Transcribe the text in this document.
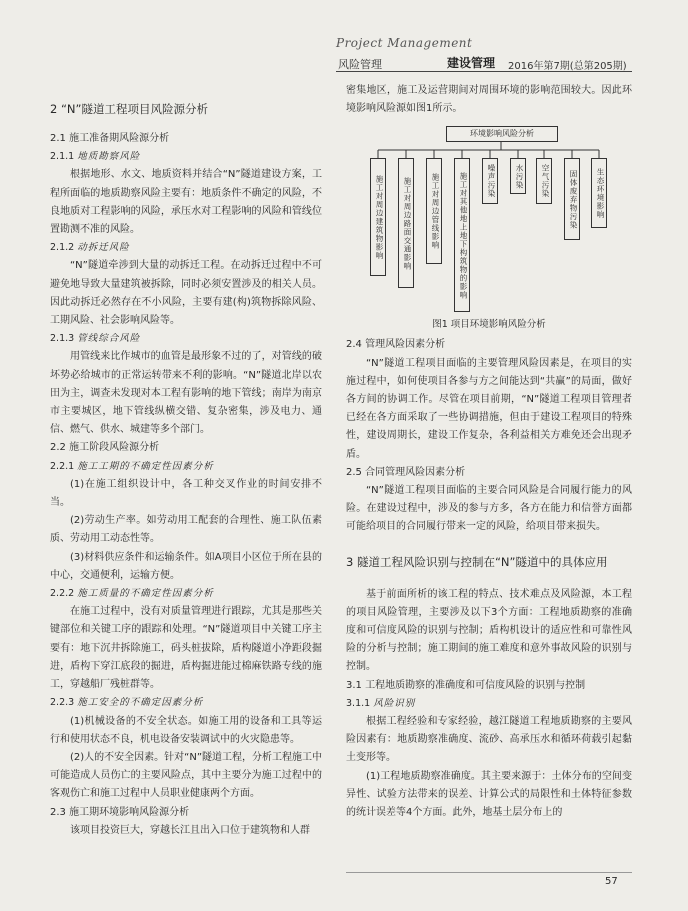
Project Management
风险管理	建设管理 2016年第7期(总第205期)

2 “N”隧道工程项目风险源分析

2.1 施工准备期风险源分析

2.1.1 地质勘察风险

根据地形、水文、地质资料并结合“N”隧道建设方案，工程所面临的地质勘察风险主要有：地质条件不确定的风险，不良地质对工程影响的风险，承压水对工程影响的风险和管线位置勘测不准的风险。

2.1.2 动拆迁风险

“N”隧道牵涉到大量的动拆迁工程。在动拆迁过程中不可避免地导致大量建筑被拆除，同时必须安置涉及的相关人员。因此动拆迁必然存在不小风险，主要有建(构)筑物拆除风险、工期风险、社会影响风险等。

2.1.3 管线综合风险

用管线来比作城市的血管是最形象不过的了，对管线的破坏势必给城市的正常运转带来不利的影响。“N”隧道北岸以农田为主，调查未发现对本工程有影响的地下管线；南岸为南京市主要城区，地下管线纵横交错、复杂密集，涉及电力、通信、燃气、供水、城建等多个部门。

2.2 施工阶段风险源分析

2.2.1 施工工期的不确定性因素分析

(1)在施工组织设计中，各工种交叉作业的时间安排不当。

(2)劳动生产率。如劳动用工配套的合理性、施工队伍素质、劳动用工动态性等。

(3)材料供应条件和运输条件。如A项目小区位于所在县的中心，交通便利，运输方便。

2.2.2 施工质量的不确定性因素分析

在施工过程中，没有对质量管理进行跟踪，尤其是那些关键部位和关键工序的跟踪和处理。“N”隧道项目中关键工序主要有：地下沉井拆除施工，码头桩拔除，盾构隧道小净距段掘进，盾构下穿江底段的掘进，盾构掘进能过棉麻铁路专线的施工，穿越船厂残桩群等。

2.2.3 施工安全的不确定因素分析

(1)机械设备的不安全状态。如施工用的设备和工具等运行和使用状态不良，机电设备安装调试中的火灾隐患等。

(2)人的不安全因素。针对“N”隧道工程，分析工程施工中可能造成人员伤亡的主要风险点，其中主要分为施工过程中的客观伤亡和施工过程中人员职业健康两个方面。

2.3 施工期环境影响风险源分析

该项目投资巨大，穿越长江且出入口位于建筑物和人群

密集地区，施工及运营期间对周围环境的影响范围较大。因此环境影响风险源如图1所示。

环境影响风险分析
施工对周边建筑物影响	施工对周边路面交通影响	施工对周边管线影响	施工对其他地上地下构筑物的影响	噪声污染	水污染	空气污染	固体废弃物污染	生态环境影响

图1 项目环境影响风险分析

2.4 管理风险因素分析

“N”隧道工程项目面临的主要管理风险因素是，在项目的实施过程中，如何使项目各参与方之间能达到“共赢”的局面，做好各方间的协调工作。尽管在项目前期，“N”隧道工程项目管理者已经在各方面采取了一些协调措施，但由于建设工程项目的特殊性，建设周期长，建设工作复杂，各利益相关方难免还会出现矛盾。

2.5 合同管理风险因素分析

“N”隧道工程项目面临的主要合同风险是合同履行能力的风险。在建设过程中，涉及的参与方多，各方在能力和信誉方面都可能给项目的合同履行带来一定的风险，给项目带来损失。

3 隧道工程风险识别与控制在“N”隧道中的具体应用

基于前面所析的该工程的特点、技术难点及风险源，本工程的项目风险管理，主要涉及以下3个方面：工程地质勘察的准确度和可信度风险的识别与控制；盾构机设计的适应性和可靠性风险的分析与控制；施工期间的施工难度和意外事故风险的识别与控制。

3.1 工程地质勘察的准确度和可信度风险的识别与控制

3.1.1 风险识别

根据工程经验和专家经验，越江隧道工程地质勘察的主要风险因素有：地质勘察准确度、流砂、高承压水和循环荷载引起黏土变形等。

(1)工程地质勘察准确度。其主要来源于：土体分布的空间变异性、试验方法带来的误差、计算公式的局限性和土体特征参数的统计误差等4个方面。此外，地基土层分布上的

57
